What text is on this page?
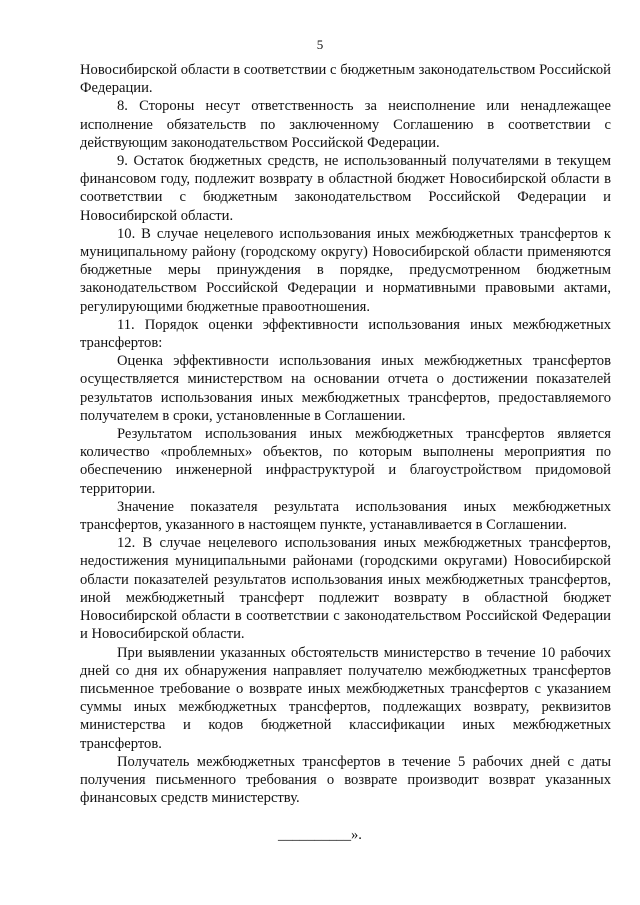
5

Новосибирской области в соответствии с бюджетным законодательством Российской Федерации.

8. Стороны несут ответственность за неисполнение или ненадлежащее исполнение обязательств по заключенному Соглашению в соответствии с действующим законодательством Российской Федерации.

9. Остаток бюджетных средств, не использованный получателями в текущем финансовом году, подлежит возврату в областной бюджет Новосибирской области в соответствии с бюджетным законодательством Российской Федерации и Новосибирской области.

10. В случае нецелевого использования иных межбюджетных трансфертов к муниципальному району (городскому округу) Новосибирской области применяются бюджетные меры принуждения в порядке, предусмотренном бюджетным законодательством Российской Федерации и нормативными правовыми актами, регулирующими бюджетные правоотношения.

11. Порядок оценки эффективности использования иных межбюджетных трансфертов:

Оценка эффективности использования иных межбюджетных трансфертов осуществляется министерством на основании отчета о достижении показателей результатов использования иных межбюджетных трансфертов, предоставляемого получателем в сроки, установленные в Соглашении.

Результатом использования иных межбюджетных трансфертов является количество «проблемных» объектов, по которым выполнены мероприятия по обеспечению инженерной инфраструктурой и благоустройством придомовой территории.

Значение показателя результата использования иных межбюджетных трансфертов, указанного в настоящем пункте, устанавливается в Соглашении.

12. В случае нецелевого использования иных межбюджетных трансфертов, недостижения муниципальными районами (городскими округами) Новосибирской области показателей результатов использования иных межбюджетных трансфертов, иной межбюджетный трансферт подлежит возврату в областной бюджет Новосибирской области в соответствии с законодательством Российской Федерации и Новосибирской области.

При выявлении указанных обстоятельств министерство в течение 10 рабочих дней со дня их обнаружения направляет получателю межбюджетных трансфертов письменное требование о возврате иных межбюджетных трансфертов с указанием суммы иных межбюджетных трансфертов, подлежащих возврату, реквизитов министерства и кодов бюджетной классификации иных межбюджетных трансфертов.

Получатель межбюджетных трансфертов в течение 5 рабочих дней с даты получения письменного требования о возврате производит возврат указанных финансовых средств министерству.

__________».
